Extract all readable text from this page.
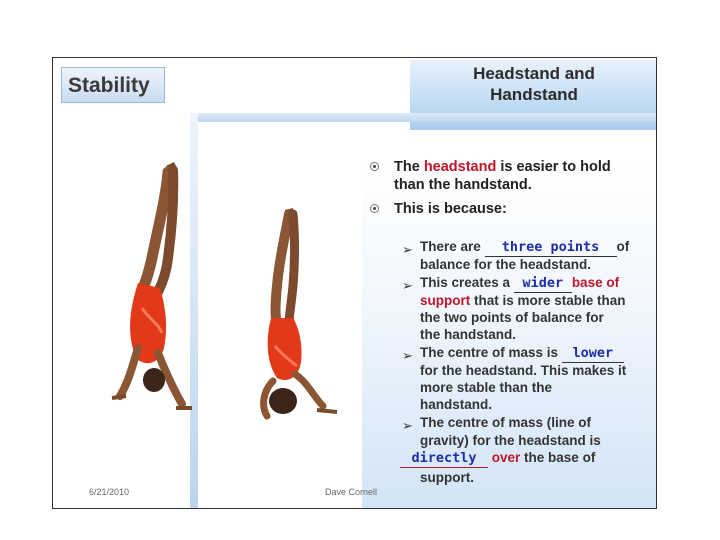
Stability
Headstand and
Handstand
The headstand is easier to hold
than the handstand.
This is because:
➢ There are three points of
balance for the headstand.
➢ This creates a wider base of
support that is more stable than
the two points of balance for
the handstand.
➢ The centre of mass is lower
for the headstand. This makes it
more stable than the
handstand.
➢ The centre of mass (line of
gravity) for the headstand is
directly over the base of
support.
6/21/2010	Dave Cornell
